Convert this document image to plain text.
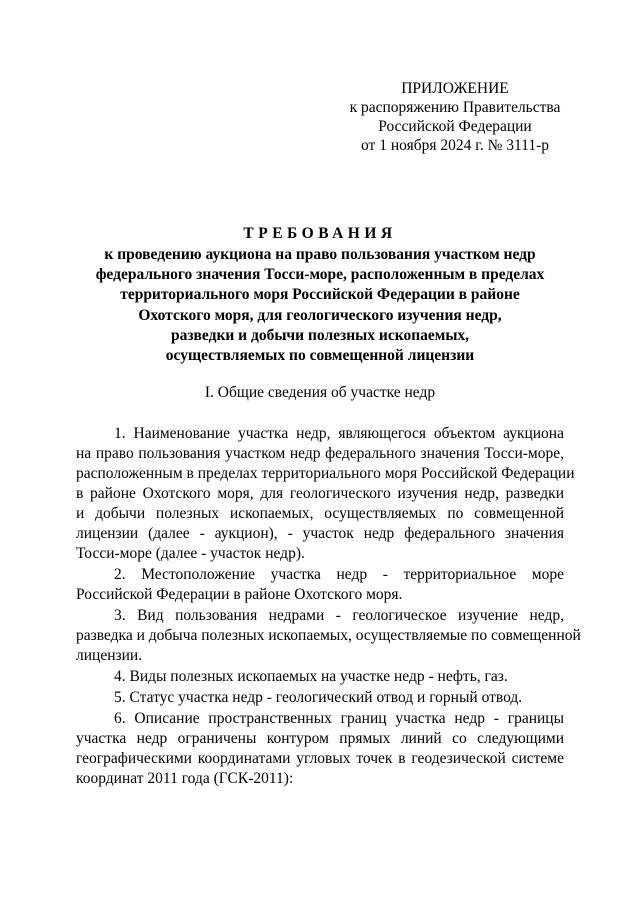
ПРИЛОЖЕНИЕ
к распоряжению Правительства
Российской Федерации
от 1 ноября 2024 г. № 3111-р
ТРЕБОВАНИЯ
к проведению аукциона на право пользования участком недр
федерального значения Тосси-море, расположенным в пределах
территориального моря Российской Федерации в районе
Охотского моря, для геологического изучения недр,
разведки и добычи полезных ископаемых,
осуществляемых по совмещенной лицензии
I. Общие сведения об участке недр
1. Наименование участка недр, являющегося объектом аукциона
на право пользования участком недр федерального значения Тосси-море,
расположенным в пределах территориального моря Российской Федерации
в районе Охотского моря, для геологического изучения недр, разведки
и добычи полезных ископаемых, осуществляемых по совмещенной
лицензии (далее - аукцион), - участок недр федерального значения
Тосси-море (далее - участок недр).
2. Местоположение участка недр - территориальное море
Российской Федерации в районе Охотского моря.
3. Вид пользования недрами - геологическое изучение недр,
разведка и добыча полезных ископаемых, осуществляемые по совмещенной
лицензии.
4. Виды полезных ископаемых на участке недр - нефть, газ.
5. Статус участка недр - геологический отвод и горный отвод.
6. Описание пространственных границ участка недр - границы
участка недр ограничены контуром прямых линий со следующими
географическими координатами угловых точек в геодезической системе
координат 2011 года (ГСК-2011):
